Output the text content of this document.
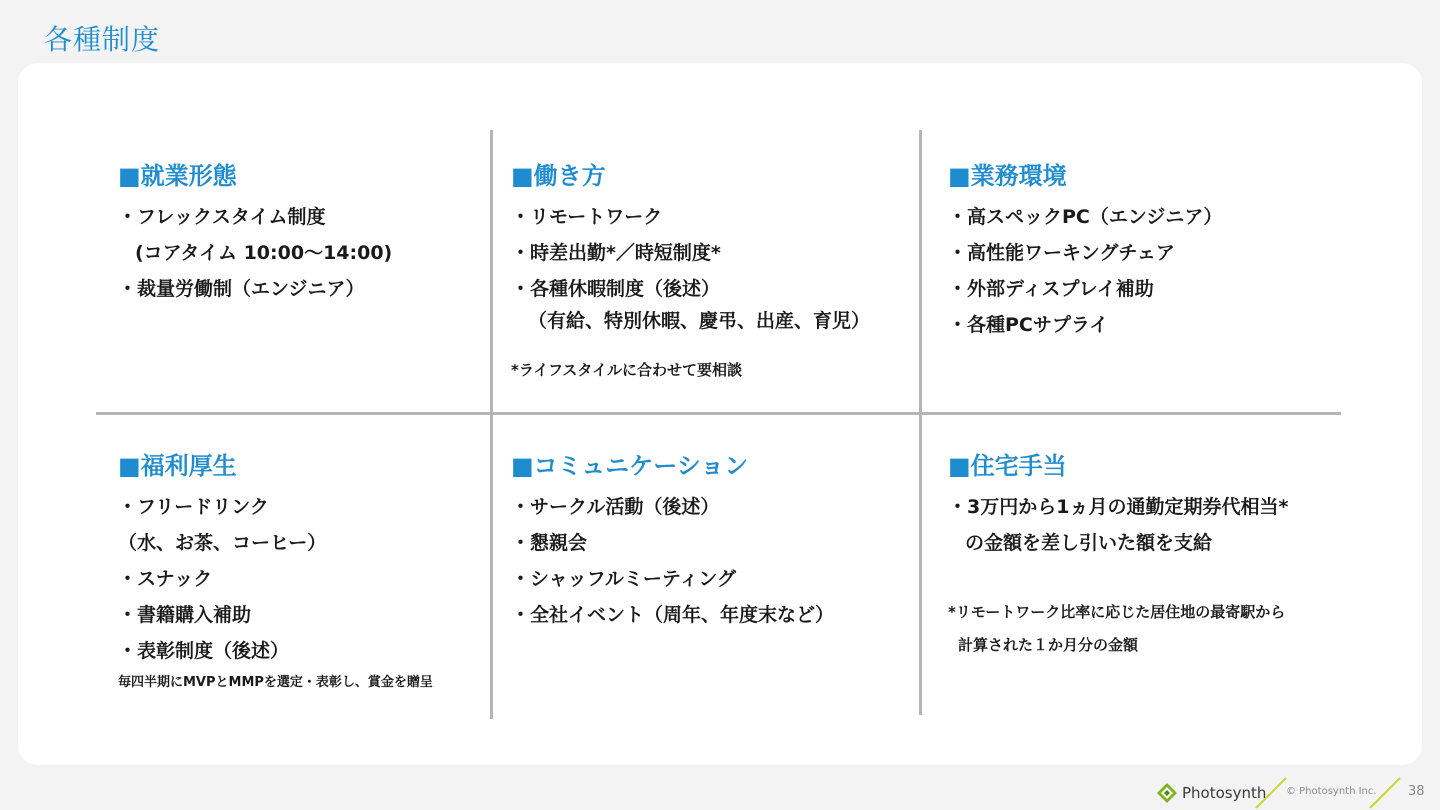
各種制度
■就業形態
・フレックスタイム制度
(コアタイム 10:00〜14:00)
・裁量労働制（エンジニア）
■働き方
・リモートワーク
・時差出勤*／時短制度*
・各種休暇制度（後述）
（有給、特別休暇、慶弔、出産、育児）
*ライフスタイルに合わせて要相談
■業務環境
・高スペックPC（エンジニア）
・高性能ワーキングチェア
・外部ディスプレイ補助
・各種PCサプライ
■福利厚生
・フリードリンク
（水、お茶、コーヒー）
・スナック
・書籍購入補助
・表彰制度（後述）
毎四半期にMVPとMMPを選定・表彰し、賞金を贈呈
■コミュニケーション
・サークル活動（後述）
・懇親会
・シャッフルミーティング
・全社イベント（周年、年度末など）
■住宅手当
・3万円から1ヵ月の通勤定期券代相当*
の金額を差し引いた額を支給
*リモートワーク比率に応じた居住地の最寄駅から
計算された１か月分の金額
Photosynth © Photosynth Inc. 38
